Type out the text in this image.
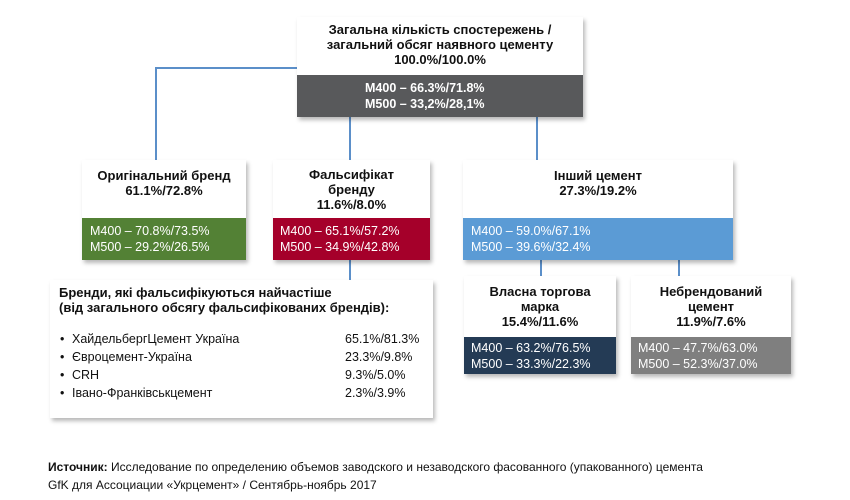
Загальна кількість спостережень /
загальний обсяг наявного цементу
100.0%/100.0%
M400 – 66.3%/71.8%
M500 – 33,2%/28,1%
Оригінальний бренд
61.1%/72.8%
M400 – 70.8%/73.5%
M500 – 29.2%/26.5%
Фальсифікат
бренду
11.6%/8.0%
M400 – 65.1%/57.2%
M500 – 34.9%/42.8%
Інший цемент
27.3%/19.2%
M400 – 59.0%/67.1%
M500 – 39.6%/32.4%
Власна торгова
марка
15.4%/11.6%
M400 – 63.2%/76.5%
M500 – 33.3%/22.3%
Небрендований
цемент
11.9%/7.6%
M400 – 47.7%/63.0%
M500 – 52.3%/37.0%
Бренди, які фальсифікуються найчастіше
(від загального обсягу фальсифікованих брендів):
• ХайдельбергЦемент Україна	65.1%/81.3%
• Євроцемент-Україна	23.3%/9.8%
• CRH	9.3%/5.0%
• Івано-Франківськцемент	2.3%/3.9%
Источник: Исследование по определению объемов заводского и незаводского фасованного (упакованного) цемента
GfK для Ассоциации «Укрцемент» / Сентябрь-ноябрь 2017
